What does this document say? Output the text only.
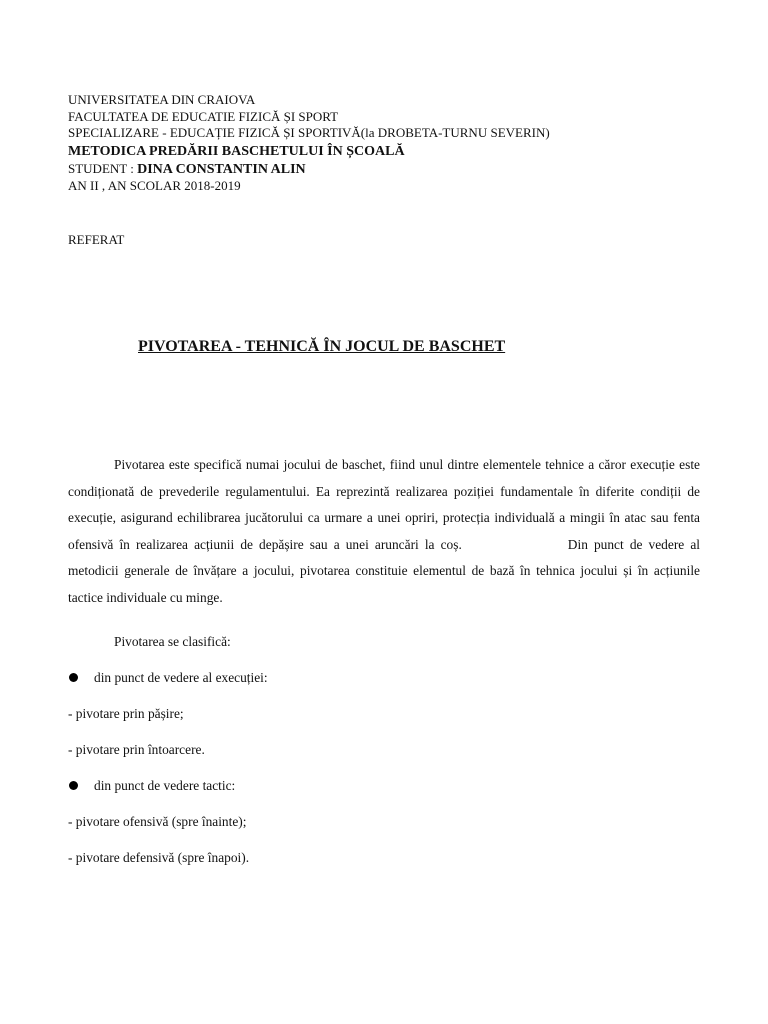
UNIVERSITATEA DIN CRAIOVA
FACULTATEA DE EDUCATIE FIZICĂ ȘI SPORT
SPECIALIZARE - EDUCAȚIE FIZICĂ ȘI SPORTIVĂ(la DROBETA-TURNU SEVERIN)
METODICA PREDĂRII BASCHETULUI ÎN ȘCOALĂ
STUDENT : DINA CONSTANTIN ALIN
AN II , AN SCOLAR 2018-2019
REFERAT
PIVOTAREA - TEHNICĂ ÎN JOCUL DE BASCHET
Pivotarea este specifică numai jocului de baschet, fiind unul dintre elementele tehnice a căror execuție este condiționată de prevederile regulamentului. Ea reprezintă realizarea poziției fundamentale în diferite condiții de execuție, asigurand echilibrarea jucătorului ca urmare a unei opriri, protecția individuală a mingii în atac sau fenta ofensivă în realizarea acțiunii de depășire sau a unei aruncări la coș.	Din punct de vedere al metodicii generale de învățare a jocului, pivotarea constituie elementul de bază în tehnica jocului și în acțiunile tactice individuale cu minge.
Pivotarea se clasifică:
din punct de vedere al execuției:
- pivotare prin pășire;
- pivotare prin întoarcere.
din punct de vedere tactic:
- pivotare ofensivă (spre înainte);
- pivotare defensivă (spre înapoi).
